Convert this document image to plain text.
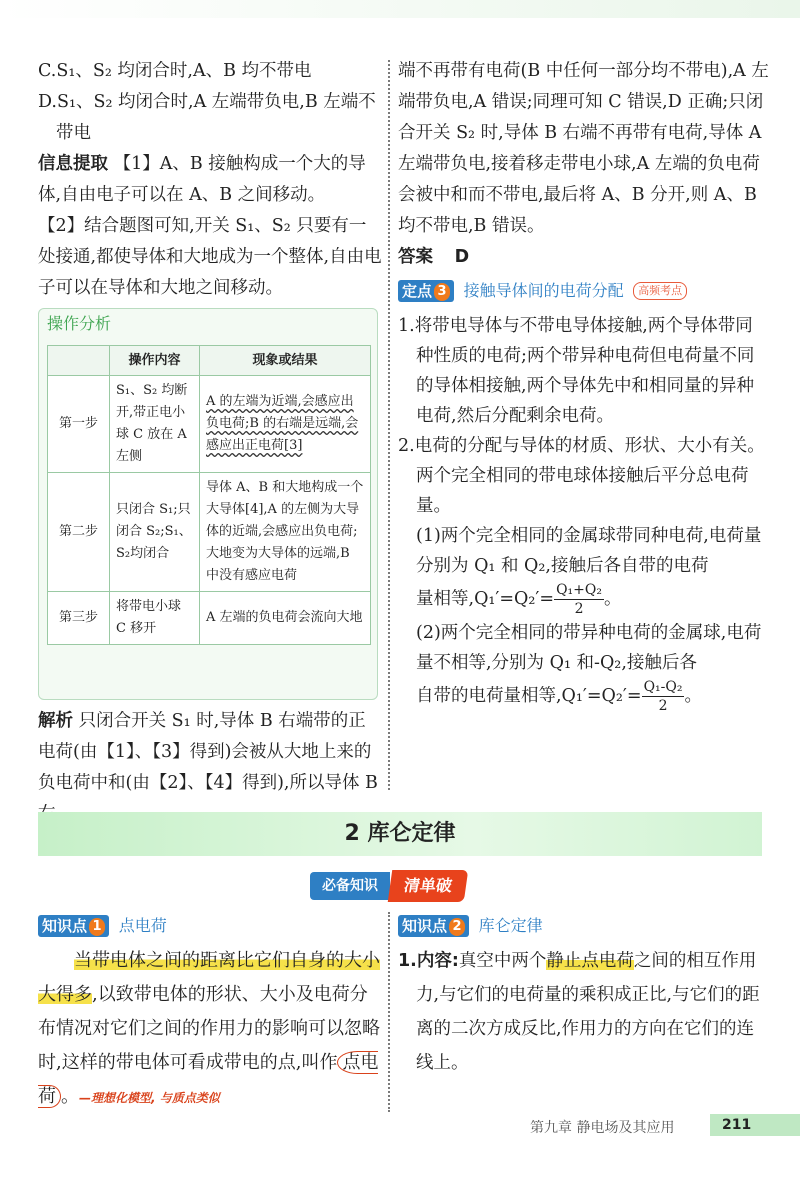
C.S₁、S₂ 均闭合时,A、B 均不带电
D.S₁、S₂ 均闭合时,A 左端带负电,B 左端不
带电
信息提取 【1】A、B 接触构成一个大的导体,自由电子可以在 A、B 之间移动。
【2】结合题图可知,开关 S₁、S₂ 只要有一处接通,都使导体和大地成为一个整体,自由电子可以在导体和大地之间移动。
操作分析
	操作内容	现象或结果
第一步	S₁、S₂ 均断开,带正电小球 C 放在 A 左侧	A 的左端为近端,会感应出负电荷;B 的右端是远端,会感应出正电荷[3]
第二步	只闭合 S₁;只闭合 S₂;S₁、S₂均闭合	导体 A、B 和大地构成一个大导体[4],A 的左侧为大导体的近端,会感应出负电荷;大地变为大导体的远端,B 中没有感应电荷
第三步	将带电小球 C 移开	A 左端的负电荷会流向大地
解析 只闭合开关 S₁ 时,导体 B 右端带的正电荷(由【1】、【3】得到)会被从大地上来的负电荷中和(由【2】、【4】得到),所以导体 B
端不再带有电荷(B 中任何一部分均不带电),A 左端带负电,A 错误;同理可知 C 错误,D 正确;只闭合开关 S₂ 时,导体 B 右端不再带有电荷,导体 A 左端带负电,接着移走带电小球,A 左端的负电荷会被中和而不带电,最后将 A、B 分开,则 A、B 均不带电,B 错误。
答案 D
定点 3 接触导体间的电荷分配 高频考点
1.将带电导体与不带电导体接触,两个导体带同种性质的电荷;两个带异种电荷但电荷量不同的导体相接触,两个导体先中和相同量的异种电荷,然后分配剩余电荷。
2.电荷的分配与导体的材质、形状、大小有关。两个完全相同的带电球体接触后平分总电荷量。
(1)两个完全相同的金属球带同种电荷,电荷量分别为 Q₁ 和 Q₂,接触后各自带的电荷
量相等$,Q_1'=Q_2'= \frac{\text{Q₁+Q₂}}{2}$ 。
(2)两个完全相同的带异种电荷的金属球,电荷量不相等,分别为 Q₁ 和-Q₂,接触后各
自带的电荷量相等$,Q_1'=Q_2'= \frac{\text{Q₁-Q₂}}{2}$ 。
2 库仑定律
必备知识	清单破
知识点 1 点电荷
当带电体之间的距离比它们自身的大小大得多,以致带电体的形状、大小及电荷分布情况对它们之间的作用力的影响可以忽略时,这样的带电体可看成带电的点,叫作 点电荷 。—理想化模型, 与质点类似
知识点 2 库仑定律
1.内容:真空中两个静止点电荷之间的相互作用力,与它们的电荷量的乘积成正比,与它们的距离的二次方成反比,作用力的方向在它们的连线上。
第九章 静电场及其应用	211
